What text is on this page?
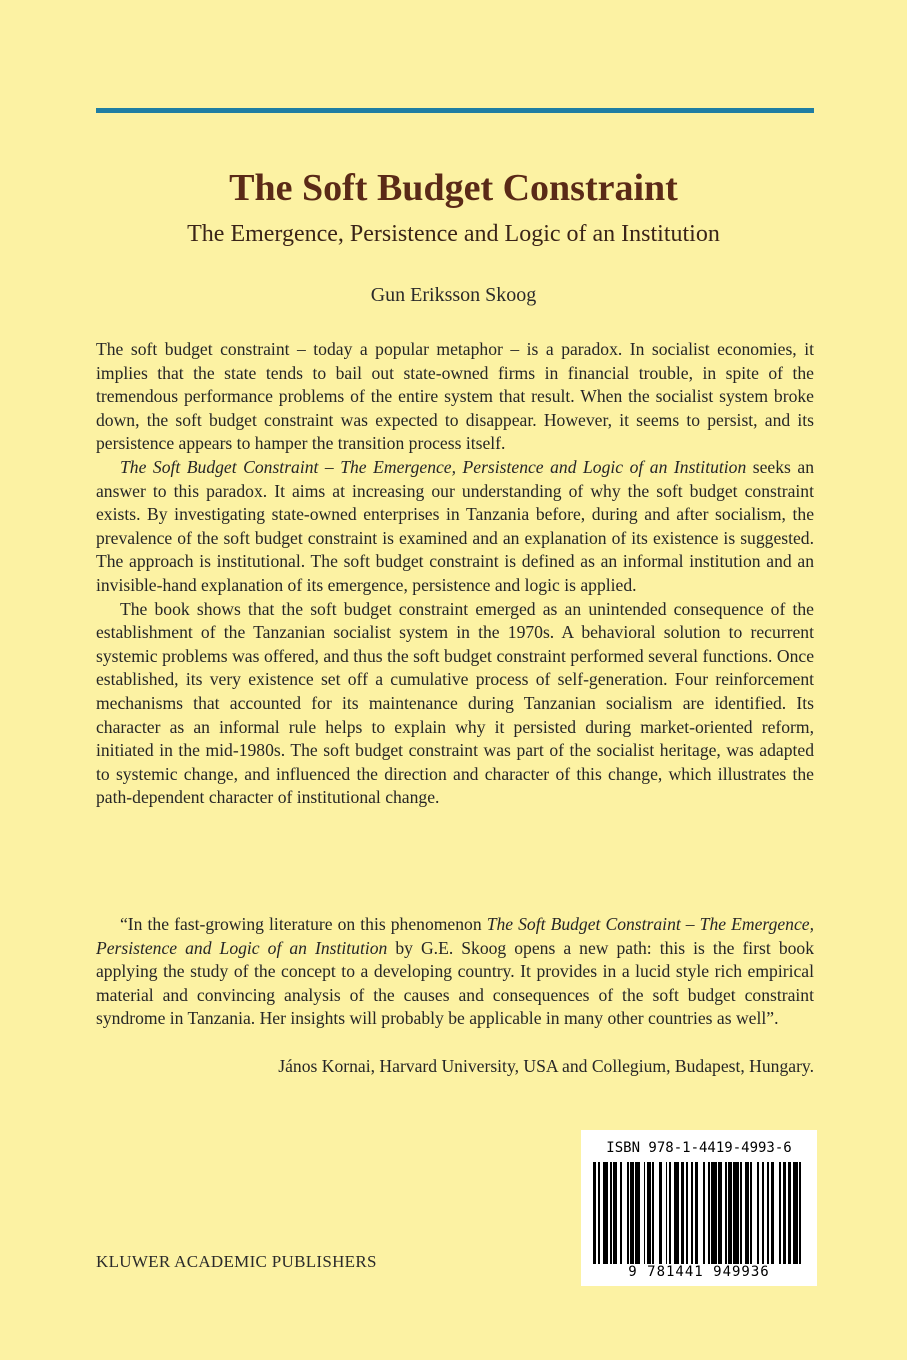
The Soft Budget Constraint
The Emergence, Persistence and Logic of an Institution
Gun Eriksson Skoog

The soft budget constraint – today a popular metaphor – is a paradox. In socialist economies, it implies that the state tends to bail out state-owned firms in financial trouble, in spite of the tremendous performance problems of the entire system that result. When the socialist system broke down, the soft budget constraint was expected to disappear. However, it seems to persist, and its persistence appears to hamper the transition process itself.

The Soft Budget Constraint – The Emergence, Persistence and Logic of an Institution seeks an answer to this paradox. It aims at increasing our understanding of why the soft budget constraint exists. By investigating state-owned enterprises in Tanzania before, during and after socialism, the prevalence of the soft budget constraint is examined and an explanation of its existence is suggested. The approach is institutional. The soft budget constraint is defined as an informal institution and an invisible-hand explanation of its emergence, persistence and logic is applied.

The book shows that the soft budget constraint emerged as an unintended consequence of the establishment of the Tanzanian socialist system in the 1970s. A behavioral solution to recurrent systemic problems was offered, and thus the soft budget constraint performed several functions. Once established, its very existence set off a cumulative process of self-generation. Four reinforcement mechanisms that accounted for its maintenance during Tanzanian socialism are identified. Its character as an informal rule helps to explain why it persisted during market-oriented reform, initiated in the mid-1980s. The soft budget constraint was part of the socialist heritage, was adapted to systemic change, and influenced the direction and character of this change, which illustrates the path-dependent character of institutional change.

“In the fast-growing literature on this phenomenon The Soft Budget Constraint – The Emergence, Persistence and Logic of an Institution by G.E. Skoog opens a new path: this is the first book applying the study of the concept to a developing country. It provides in a lucid style rich empirical material and convincing analysis of the causes and consequences of the soft budget constraint syndrome in Tanzania. Her insights will probably be applicable in many other countries as well”.

János Kornai, Harvard University, USA and Collegium, Budapest, Hungary.
KLUWER ACADEMIC PUBLISHERS
ISBN 978-1-4419-4993-6
9 781441 949936
